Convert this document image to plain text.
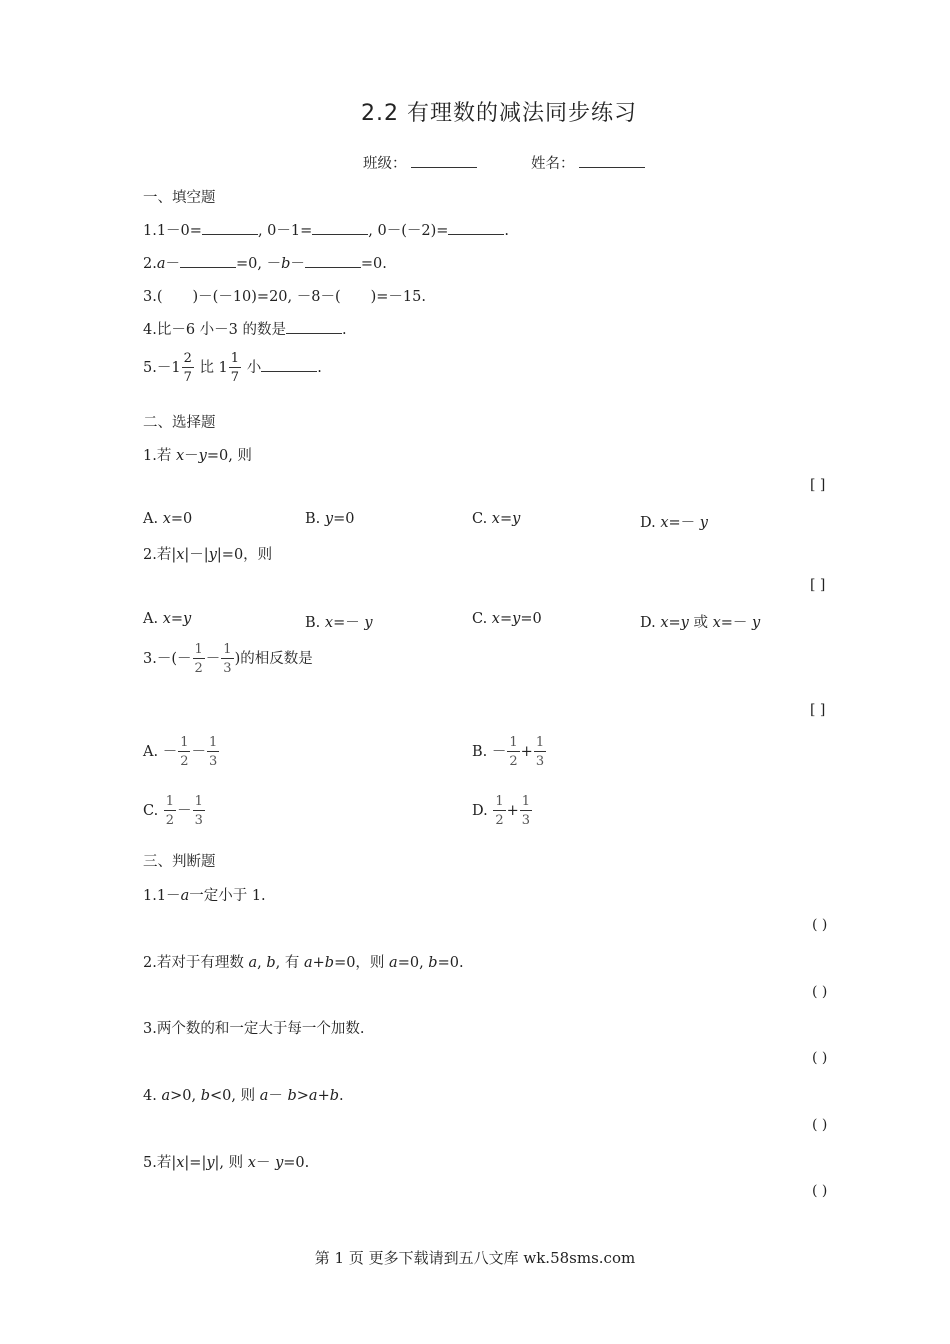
2.2 有理数的减法同步练习
班级：	姓名：
一、填空题
1.1－0=	, 0－1=	, 0－(－2)=	.
2.a－	=0, －b－	=0.
3.( )－(－10)=20, －8－( )=－15.
4.比－6 小－3 的数是	.
$5.-1 \frac{2}{7}$ 比 $1 \frac{1}{7}$ 小	.
二、选择题
1.若 x－y=0, 则
[ ]
A. x=0	B. y=0	C. x=y	D. x=－ y
2.若|x|－|y|=0，则
[ ]
A. x=y	B. x=－ y	C. x=y=0	D. x=y 或 x=－ y
$3.-(- \frac{1}{2} - \frac{1}{3}$ )的相反数是
[ ]
A. － $\frac{1}{2} - \frac{1}{3}$	B. － $\frac{1}{2} + \frac{1}{3}$
C. $\frac{1}{2} - \frac{1}{3}$	D. $\frac{1}{2} + \frac{1}{3}$
三、判断题
1.1－a一定小于 1.
( )
2.若对于有理数 a, b, 有 a+b=0，则 a=0, b=0.
( )
3.两个数的和一定大于每一个加数.
( )
4. a>0, b<0, 则 a－ b>a+b.
( )
5.若|x|=|y|, 则 x－ y=0.
( )
第 1 页 更多下载请到五八文库 wk.58sms.com
